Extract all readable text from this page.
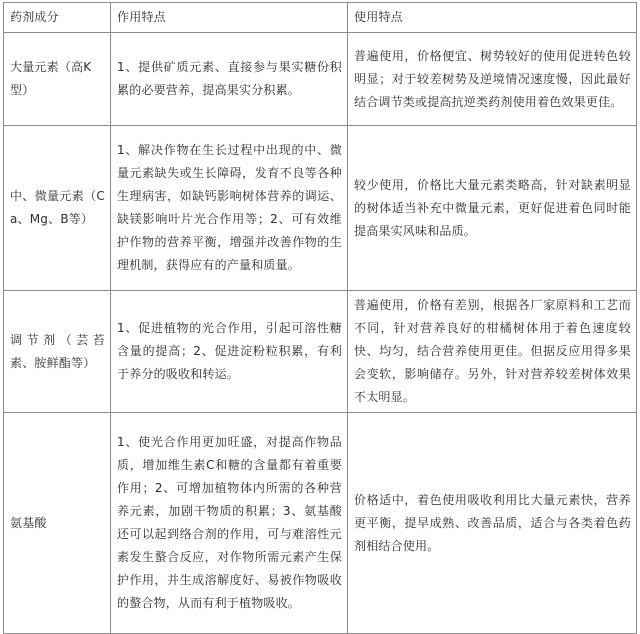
药剂成分	作用特点	使用特点
大量元素（高K型）	1、提供矿质元素、直接参与果实糖份积累的必要营养，提高果实分积累。	普遍使用，价格便宜、树势较好的使用促进转色较明显；对于较差树势及逆境情况速度慢，因此最好结合调节类或提高抗逆类药剂使用着色效果更佳。
中、微量元素（Ca、Mg、B等）	1、解决作物在生长过程中出现的中、微量元素缺失或生长障碍，发育不良等各种生理病害，如缺钙影响树体营养的调运、缺镁影响叶片光合作用等；2、可有效维护作物的营养平衡，增强并改善作物的生理机制，获得应有的产量和质量。	较少使用，价格比大量元素类略高，针对缺素明显的树体适当补充中微量元素，更好促进着色同时能提高果实风味和品质。
调节剂（芸苔素、胺鲜酯等）	1、促进植物的光合作用，引起可溶性糖含量的提高；2、促进淀粉粒积累，有利于养分的吸收和转运。	普遍使用，价格有差别，根据各厂家原料和工艺而不同，针对营养良好的柑橘树体用于着色速度较快、均匀，结合营养使用更佳。但据反应用得多果会变软，影响储存。另外，针对营养较差树体效果不太明显。
氨基酸	1、使光合作用更加旺盛，对提高作物品质，增加维生素C和糖的含量都有着重要作用；2、可增加植物体内所需的各种营养元素，加剧干物质的积累；3、氨基酸还可以起到络合剂的作用，可与难溶性元素发生螯合反应，对作物所需元素产生保护作用，并生成溶解度好、易被作物吸收的螯合物，从而有利于植物吸收。	价格适中，着色使用吸收利用比大量元素快，营养更平衡，提早成熟、改善品质，适合与各类着色药剂相结合使用。
